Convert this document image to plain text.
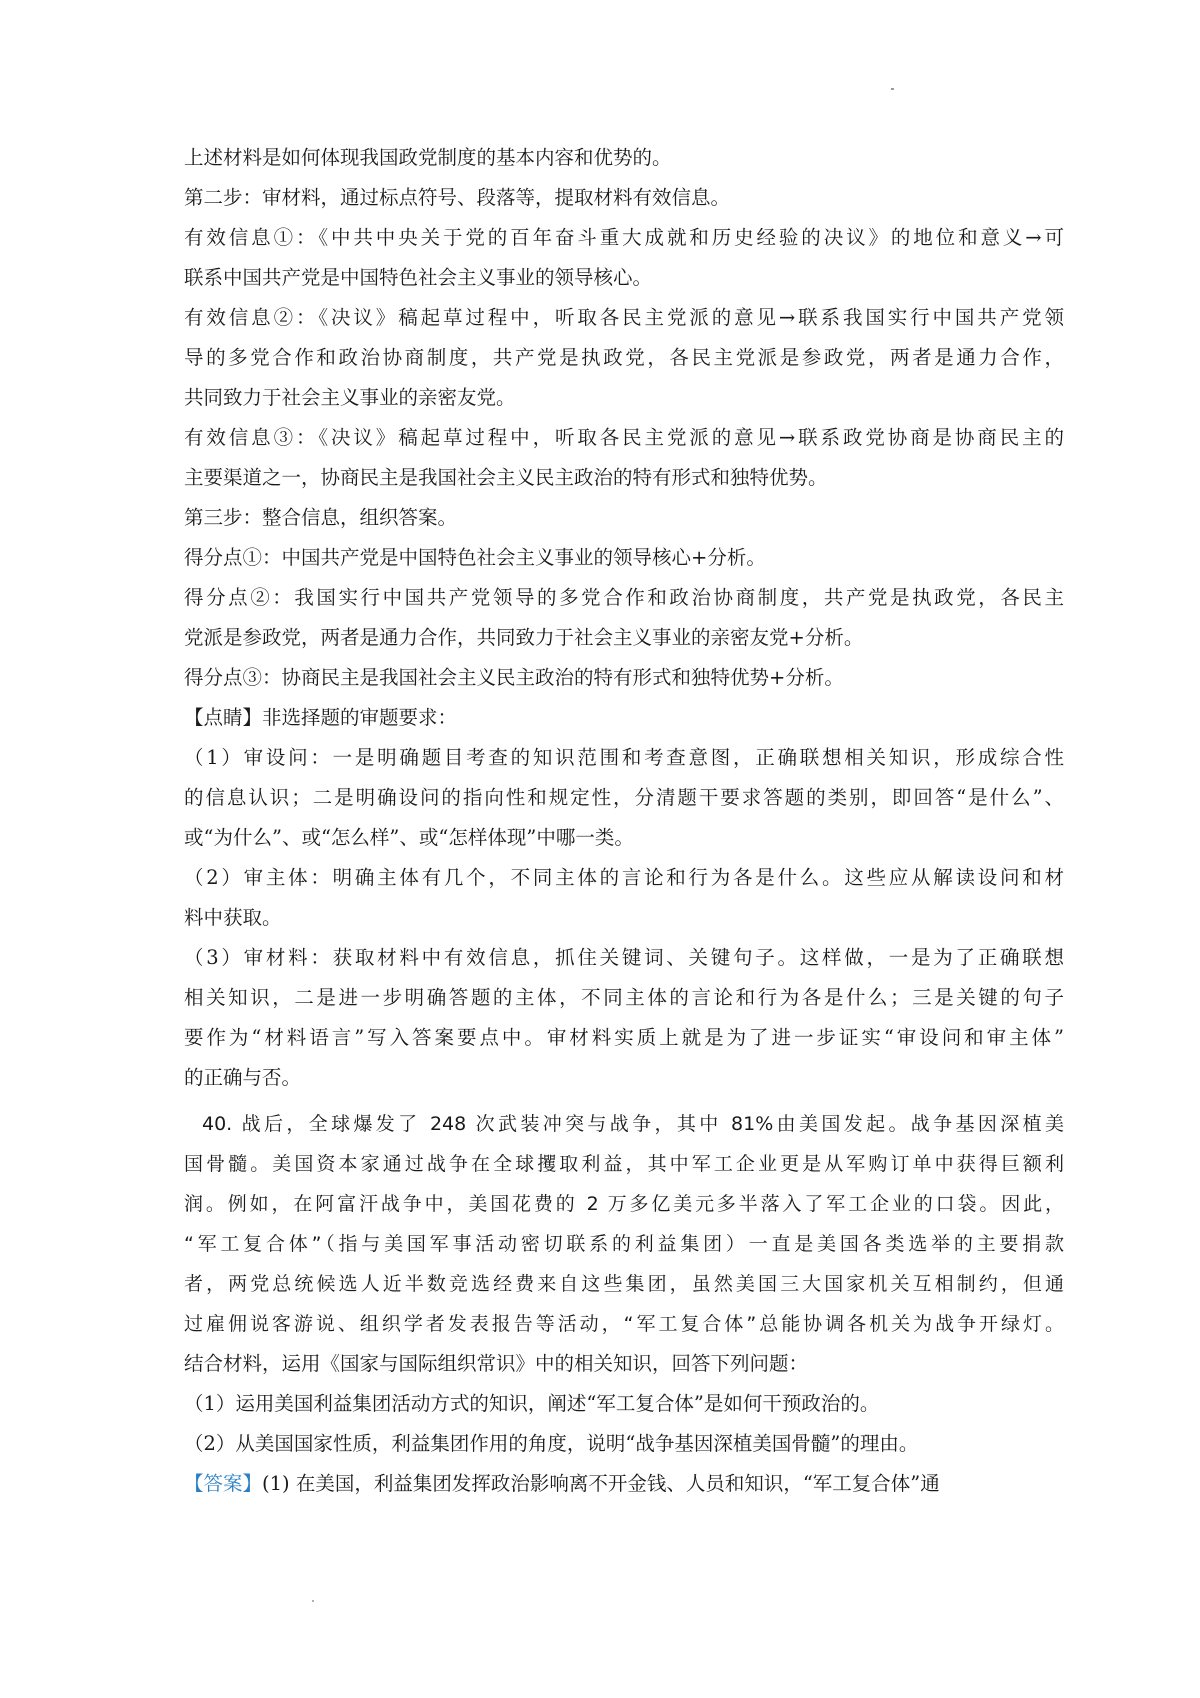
上述材料是如何体现我国政党制度的基本内容和优势的。
第二步：审材料，通过标点符号、段落等，提取材料有效信息。
有效信息①：《中共中央关于党的百年奋斗重大成就和历史经验的决议》的地位和意义→可
联系中国共产党是中国特色社会主义事业的领导核心。
有效信息②：《决议》稿起草过程中，听取各民主党派的意见→联系我国实行中国共产党领
导的多党合作和政治协商制度，共产党是执政党，各民主党派是参政党，两者是通力合作，
共同致力于社会主义事业的亲密友党。
有效信息③：《决议》稿起草过程中，听取各民主党派的意见→联系政党协商是协商民主的
主要渠道之一，协商民主是我国社会主义民主政治的特有形式和独特优势。
第三步：整合信息，组织答案。
得分点①：中国共产党是中国特色社会主义事业的领导核心+分析。
得分点②：我国实行中国共产党领导的多党合作和政治协商制度，共产党是执政党，各民主
党派是参政党，两者是通力合作，共同致力于社会主义事业的亲密友党+分析。
得分点③：协商民主是我国社会主义民主政治的特有形式和独特优势+分析。
【点睛】非选择题的审题要求：
（1）审设问：一是明确题目考查的知识范围和考查意图，正确联想相关知识，形成综合性
的信息认识；二是明确设问的指向性和规定性，分清题干要求答题的类别，即回答“是什么”、
或“为什么”、或“怎么样”、或“怎样体现”中哪一类。
（2）审主体：明确主体有几个，不同主体的言论和行为各是什么。这些应从解读设问和材
料中获取。
（3）审材料：获取材料中有效信息，抓住关键词、关键句子。这样做，一是为了正确联想
相关知识，二是进一步明确答题的主体，不同主体的言论和行为各是什么；三是关键的句子
要作为“材料语言”写入答案要点中。审材料实质上就是为了进一步证实“审设问和审主体”
的正确与否。
40. 战后，全球爆发了 248 次武装冲突与战争，其中 81%由美国发起。战争基因深植美
国骨髓。美国资本家通过战争在全球攫取利益，其中军工企业更是从军购订单中获得巨额利
润。例如，在阿富汗战争中，美国花费的 2 万多亿美元多半落入了军工企业的口袋。因此，
“军工复合体”（指与美国军事活动密切联系的利益集团）一直是美国各类选举的主要捐款
者，两党总统候选人近半数竞选经费来自这些集团，虽然美国三大国家机关互相制约，但通
过雇佣说客游说、组织学者发表报告等活动，“军工复合体”总能协调各机关为战争开绿灯。
结合材料，运用《国家与国际组织常识》中的相关知识，回答下列问题：
（1）运用美国利益集团活动方式的知识，阐述“军工复合体”是如何干预政治的。
（2）从美国国家性质，利益集团作用的角度，说明“战争基因深植美国骨髓”的理由。
【答案】(1) 在美国，利益集团发挥政治影响离不开金钱、人员和知识，“军工复合体”通
